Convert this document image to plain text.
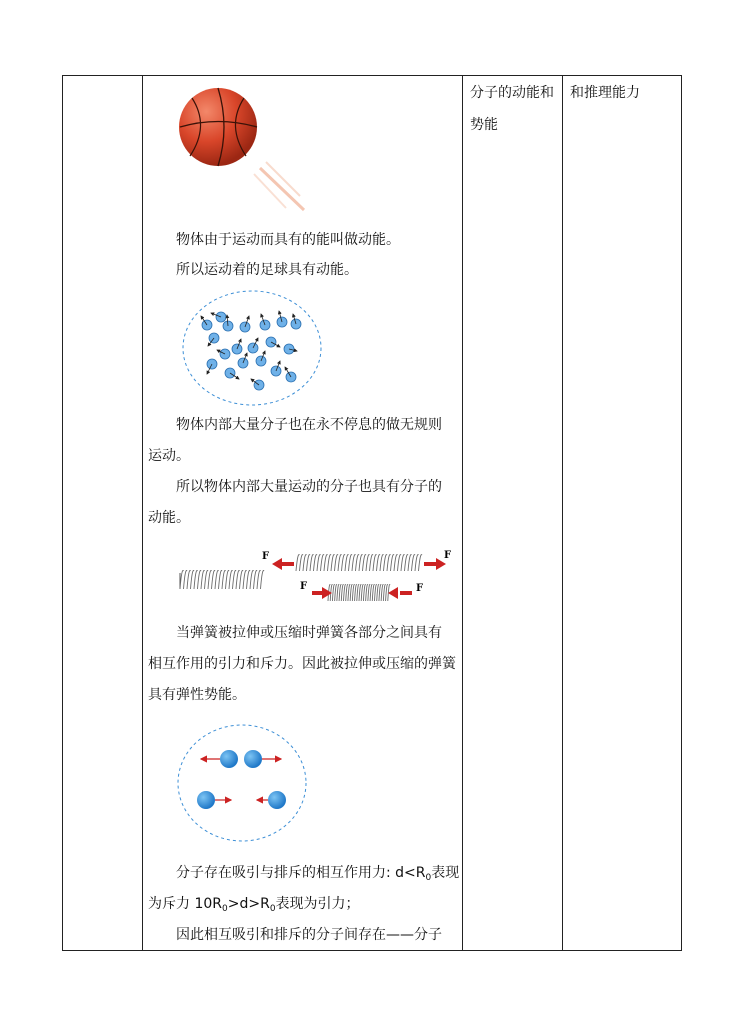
分子的动能和
势能
和推理能力
物体由于运动而具有的能叫做动能。
所以运动着的足球具有动能。
物体内部大量分子也在永不停息的做无规则
运动。
所以物体内部大量运动的分子也具有分子的
动能。
F	F
F	F
当弹簧被拉伸或压缩时弹簧各部分之间具有
相互作用的引力和斥力。因此被拉伸或压缩的弹簧
具有弹性势能。
分子存在吸引与排斥的相互作用力: $d<R_0$表现
为斥力 $10R_0>d>R_0$表现为引力；
因此相互吸引和排斥的分子间存在——分子
